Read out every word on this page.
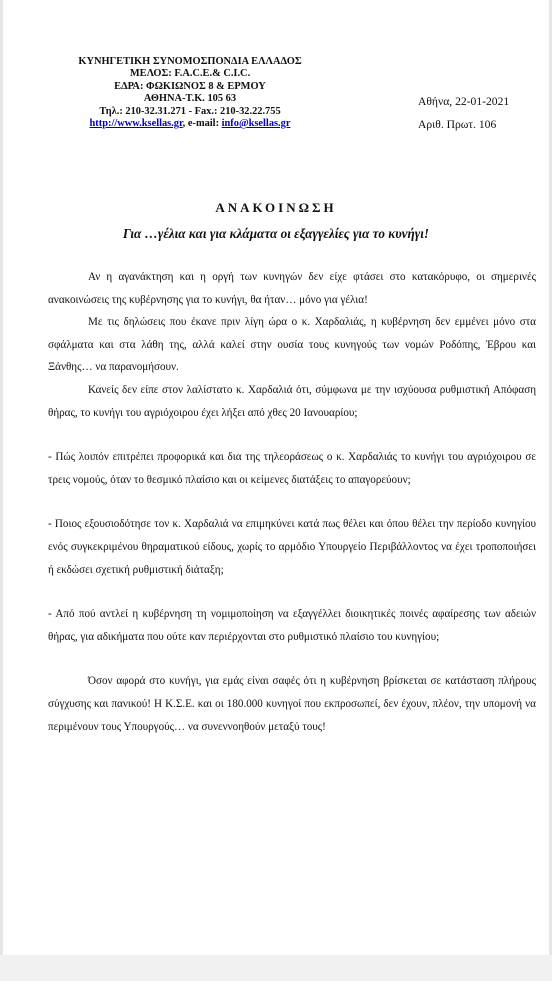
ΚΥΝΗΓΕΤΙΚΗ ΣΥΝΟΜΟΣΠΟΝΔΙΑ ΕΛΛΑΔΟΣ
ΜΕΛΟΣ: F.A.C.E.& C.I.C.
ΕΔΡΑ: ΦΩΚΙΩΝΟΣ 8 & ΕΡΜΟΥ
ΑΘΗΝΑ-Τ.Κ. 105 63
Τηλ.: 210-32.31.271 - Fax.: 210-32.22.755
http://www.ksellas.gr, e-mail: info@ksellas.gr
Αθήνα, 22-01-2021
Αριθ. Πρωτ. 106
ΑΝΑΚΟΙΝΩΣΗ
Για …γέλια και για κλάματα οι εξαγγελίες για το κυνήγι!

Αν η αγανάκτηση και η οργή των κυνηγών δεν είχε φτάσει στο κατακόρυφο, οι σημερινές ανακοινώσεις της κυβέρνησης για το κυνήγι, θα ήταν… μόνο για γέλια!

Με τις δηλώσεις που έκανε πριν λίγη ώρα ο κ. Χαρδαλιάς, η κυβέρνηση δεν εμμένει μόνο στα σφάλματα και στα λάθη της, αλλά καλεί στην ουσία τους κυνηγούς των νομών Ροδόπης, Έβρου και Ξάνθης… να παρανομήσουν.

Κανείς δεν είπε στον λαλίστατο κ. Χαρδαλιά ότι, σύμφωνα με την ισχύουσα ρυθμιστική Απόφαση θήρας, το κυνήγι του αγριόχοιρου έχει λήξει από χθες 20 Ιανουαρίου;

- Πώς λοιπόν επιτρέπει προφορικά και δια της τηλεοράσεως ο κ. Χαρδαλιάς το κυνήγι του αγριόχοιρου σε τρεις νομούς, όταν το θεσμικό πλαίσιο και οι κείμενες διατάξεις το απαγορεύουν;

- Ποιος εξουσιοδότησε τον κ. Χαρδαλιά να επιμηκύνει κατά πως θέλει και όπου θέλει την περίοδο κυνηγίου ενός συγκεκριμένου θηραματικού είδους, χωρίς το αρμόδιο Υπουργείο Περιβάλλοντος να έχει τροποποιήσει ή εκδώσει σχετική ρυθμιστική διάταξη;

- Από πού αντλεί η κυβέρνηση τη νομιμοποίηση να εξαγγέλλει διοικητικές ποινές αφαίρεσης των αδειών θήρας, για αδικήματα που ούτε καν περιέρχονται στο ρυθμιστικό πλαίσιο του κυνηγίου;

Όσον αφορά στο κυνήγι, για εμάς είναι σαφές ότι η κυβέρνηση βρίσκεται σε κατάσταση πλήρους σύγχυσης και πανικού! Η Κ.Σ.Ε. και οι 180.000 κυνηγοί που εκπροσωπεί, δεν έχουν, πλέον, την υπομονή να περιμένουν τους Υπουργούς… να συνεννοηθούν μεταξύ τους!
